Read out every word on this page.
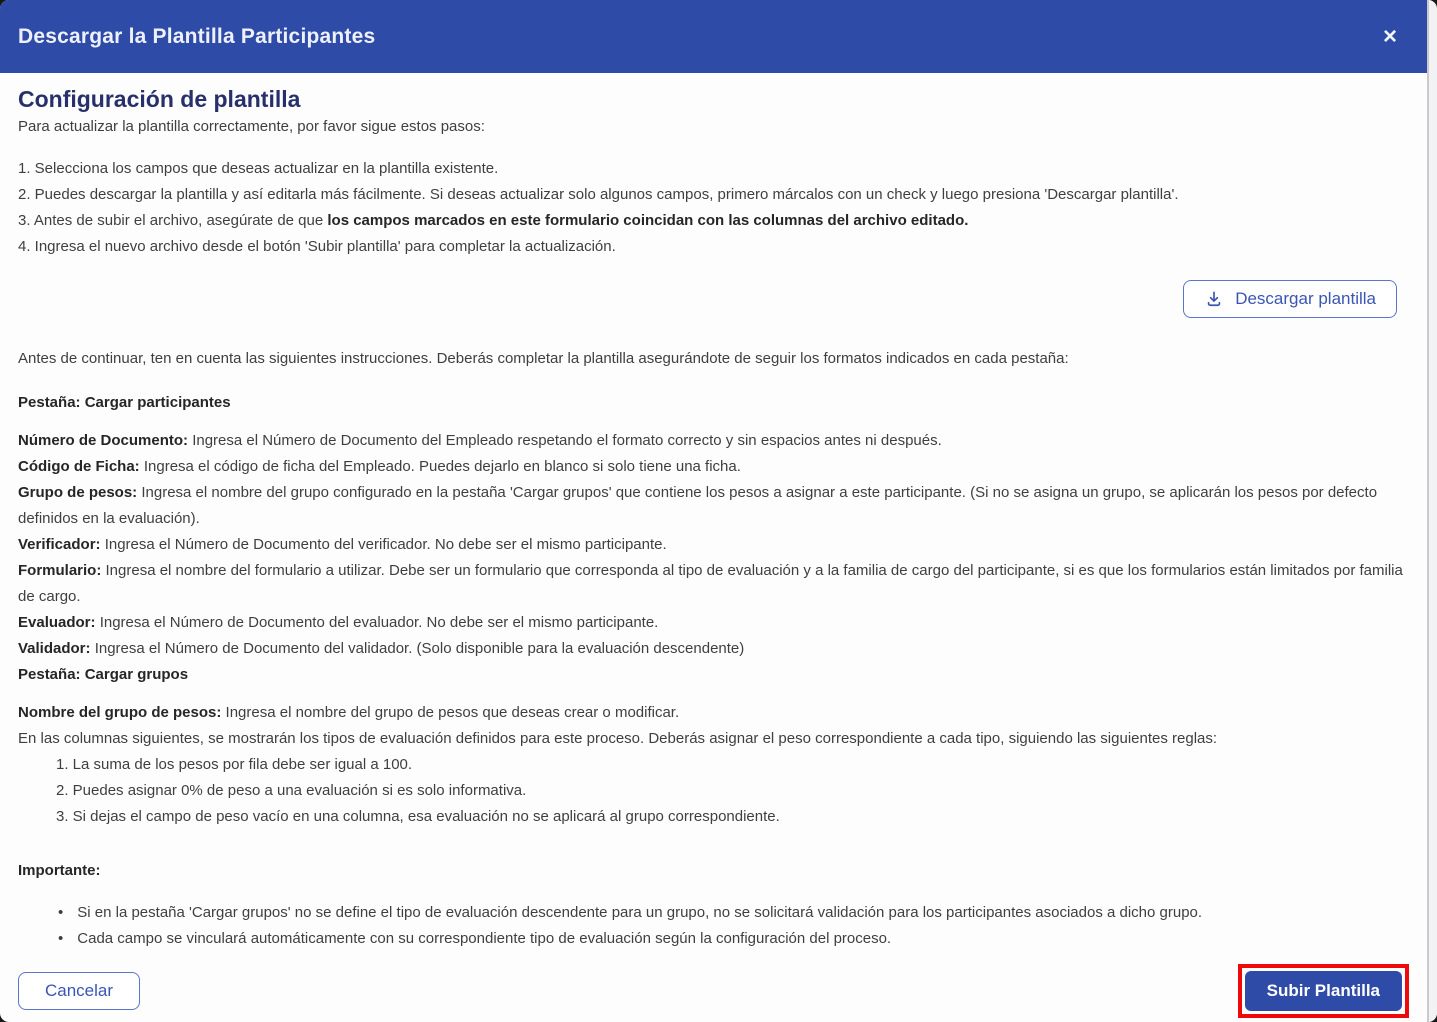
Descargar la Plantilla Participantes	×
Configuración de plantilla

Para actualizar la plantilla correctamente, por favor sigue estos pasos:

1. Selecciona los campos que deseas actualizar en la plantilla existente.

2. Puedes descargar la plantilla y así editarla más fácilmente. Si deseas actualizar solo algunos campos, primero márcalos con un check y luego presiona 'Descargar plantilla'.

3. Antes de subir el archivo, asegúrate de que los campos marcados en este formulario coincidan con las columnas del archivo editado.

4. Ingresa el nuevo archivo desde el botón 'Subir plantilla' para completar la actualización.

Descargar plantilla

Antes de continuar, ten en cuenta las siguientes instrucciones. Deberás completar la plantilla asegurándote de seguir los formatos indicados en cada pestaña:

Pestaña: Cargar participantes

Número de Documento: Ingresa el Número de Documento del Empleado respetando el formato correcto y sin espacios antes ni después.

Código de Ficha: Ingresa el código de ficha del Empleado. Puedes dejarlo en blanco si solo tiene una ficha.

Grupo de pesos: Ingresa el nombre del grupo configurado en la pestaña 'Cargar grupos' que contiene los pesos a asignar a este participante. (Si no se asigna un grupo, se aplicarán los pesos por defecto definidos en la evaluación).

Verificador: Ingresa el Número de Documento del verificador. No debe ser el mismo participante.

Formulario: Ingresa el nombre del formulario a utilizar. Debe ser un formulario que corresponda al tipo de evaluación y a la familia de cargo del participante, si es que los formularios están limitados por familia de cargo.

Evaluador: Ingresa el Número de Documento del evaluador. No debe ser el mismo participante.

Validador: Ingresa el Número de Documento del validador. (Solo disponible para la evaluación descendente)

Pestaña: Cargar grupos

Nombre del grupo de pesos: Ingresa el nombre del grupo de pesos que deseas crear o modificar.

En las columnas siguientes, se mostrarán los tipos de evaluación definidos para este proceso. Deberás asignar el peso correspondiente a cada tipo, siguiendo las siguientes reglas:

1. La suma de los pesos por fila debe ser igual a 100.

2. Puedes asignar 0% de peso a una evaluación si es solo informativa.

3. Si dejas el campo de peso vacío en una columna, esa evaluación no se aplicará al grupo correspondiente.

Importante:

• Si en la pestaña 'Cargar grupos' no se define el tipo de evaluación descendente para un grupo, no se solicitará validación para los participantes asociados a dicho grupo.
• Cada campo se vinculará automáticamente con su correspondiente tipo de evaluación según la configuración del proceso.
Cancelar	Subir Plantilla
